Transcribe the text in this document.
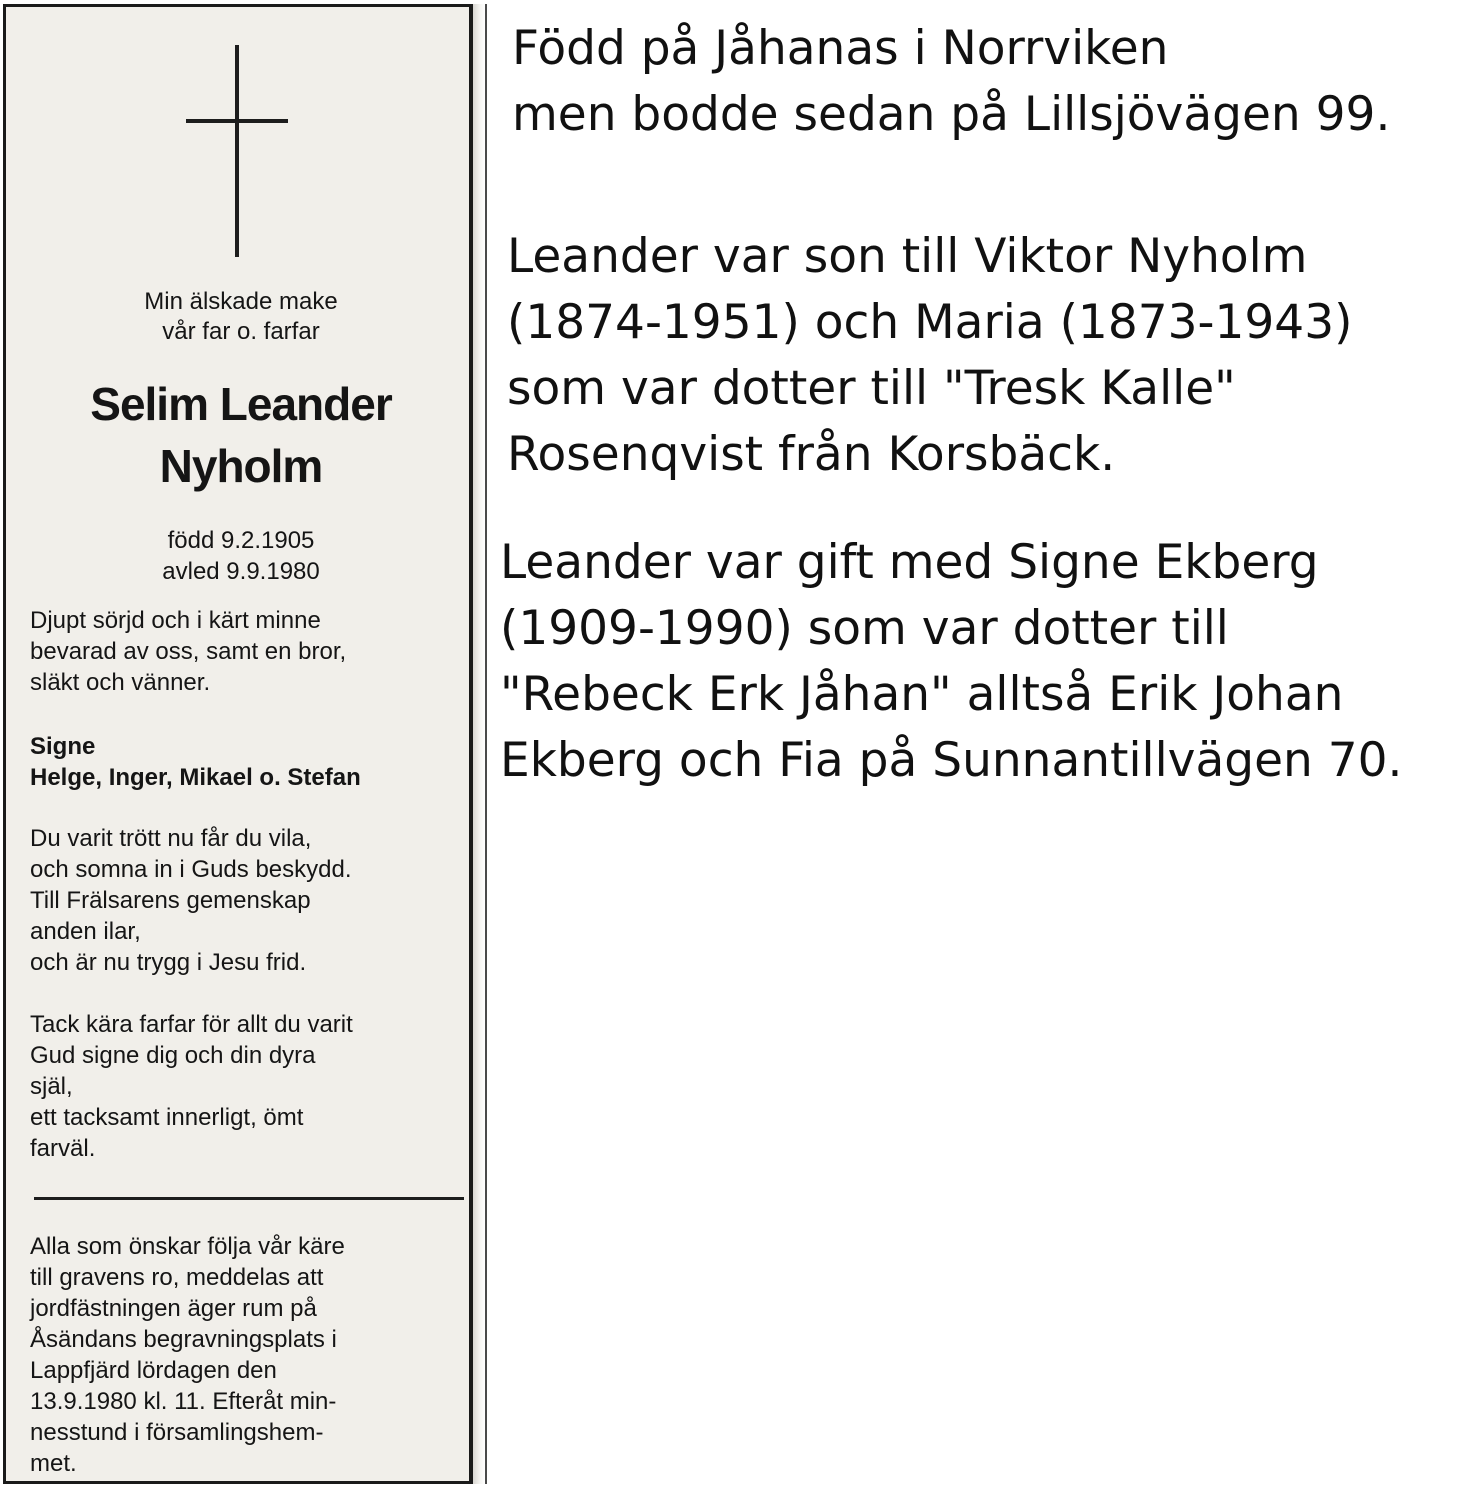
Min älskade make
vår far o. farfar
Selim Leander
Nyholm
född 9.2.1905
avled 9.9.1980

Djupt sörjd och i kärt minne

bevarad av oss, samt en bror,

släkt och vänner.

Signe

Helge, Inger, Mikael o. Stefan

Du varit trött nu får du vila,

och somna in i Guds beskydd.

Till Frälsarens gemenskap

anden ilar,

och är nu trygg i Jesu frid.

Tack kära farfar för allt du varit

Gud signe dig och din dyra

själ,

ett tacksamt innerligt, ömt

farväl.

Alla som önskar följa vår käre

till gravens ro, meddelas att

jordfästningen äger rum på

Åsändans begravningsplats i

Lappfjärd lördagen den

13.9.1980 kl. 11. Efteråt min-

nesstund i församlingshem-

met.

Född på Jåhanas i Norrviken

men bodde sedan på Lillsjövägen 99.

Leander var son till Viktor Nyholm

(1874-1951) och Maria (1873-1943)

som var dotter till "Tresk Kalle"

Rosenqvist från Korsbäck.

Leander var gift med Signe Ekberg

(1909-1990) som var dotter till

"Rebeck Erk Jåhan" alltså Erik Johan

Ekberg och Fia på Sunnantillvägen 70.
